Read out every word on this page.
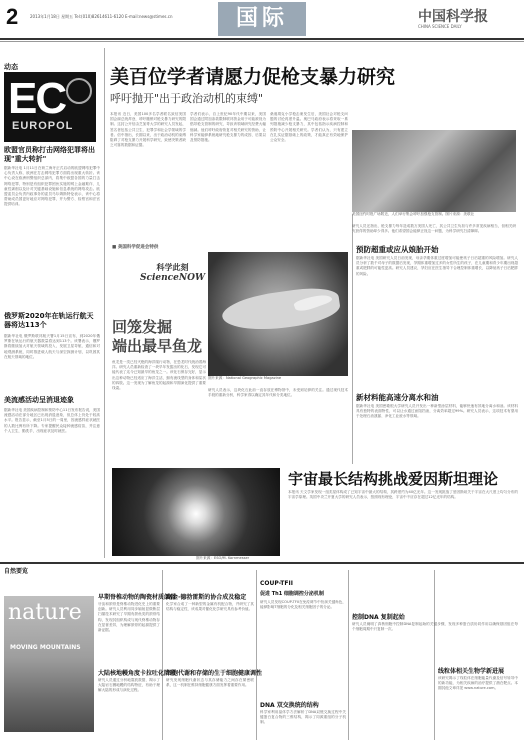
2	2013年1月18日 星期五 Tel:(010)82614611-6120 E-mail:news@stimes.cn	国际	中国科学报
CHINA SCIENCE DAILY
动态
EC
EUROPOL
欧盟官员称打击网络犯罪将出现"重大转折"
据新华社电 1月11日在荷兰海牙正式启动的欧盟网络犯罪中心负责人称，欧洲在打击网络犯罪方面将出现重大转折。该中心设在欧洲刑警组织总部内，将集中欧盟各国的力量打击网络犯罪，特别是有组织犯罪团伙实施的网上金融欺诈、儿童性剥削以及针对关键基础设施和信息系统的网络攻击。欧盟委员会负责内政事务的委员马尔姆斯特伦表示，该中心将帮助成员国更好地应对网络犯罪，并为警方、检察官和法官提供培训。
俄罗斯2020年在轨运行航天器将达113个
据新华社电 俄罗斯联邦航天署1月15日宣布，到2020年俄罗斯在轨运行的航天器数量将达到113个。该署表示，俄罗斯将继续加大对航天领域的投入，发展卫星导航、通信和对地观测系统，同时推进载人航天与深空探测计划，以巩固其在航天领域的地位。
美流感活动呈消退迹象
据新华社电 美国疾病控制和预防中心11日发布报告说，美国流感活动在部分地区已出现消退迹象，但总体上仍处于较高水平。报告显示，截至1月5日的一周里，因流感样症状就医的人数比例有所下降。专家提醒民众接种流感疫苗，并注意个人卫生，勤洗手，出现症状及时就医。
美百位学者请愿力促枪支暴力研究
呼吁抛开"出于政治动机的束缚"
本报讯 近日，美国100多名学者联名致信美国国会副总统拜登，呼吁撤销对枪支暴力研究的限制。这封公开信由芝加哥大学的研究人员发起，签名者包括公共卫生、犯罪学和社会学领域的学者。信中指出，长期以来，出于政治动机的束缚阻碍了对枪支暴力开展科学研究，致使决策者缺乏可靠的数据和证据。
学者们表示，自上世纪90年代中期以来，美国国会通过附加条款限制联邦资金用于可能被视为倡导枪支管制的研究，导致该领域研究经费大幅缩减。他们呼吁政府恢复对相关研究的资助，让科学家能够系统地研究枪支暴力的成因、后果以及预防措施。
桑迪胡克小学枪击案发生后，美国社会对枪支问题的讨论再度升温。奥巴马政府表示将采取一系列措施减少枪支暴力，其中包括指示疾病控制和预防中心开展相关研究。学者们认为，只有建立在扎实证据基础上的政策，才能真正有效地保护公众安全。
美国纽约时报广场附近，人们举行集会呼吁加强枪支管制。图片来源：美联社
研究人员还指出，枪支暴力每年造成数万美国人死亡，其公共卫生负担与许多常见疾病相当，但相关研究获得的资助却少得多。他们希望国会能够正视这一问题，为科学研究扫清障碍。
■ 美国科学促进会特供
科学此刻
ScienceNOW
回笼发掘
端出最早鱼龙
图片来源：National Geographic Magazine
鱼龙是一类已经灭绝的海洋爬行动物，在恐龙时代统治着海洋。研究人员重新检查了一块早年发掘出的化石，发现它可能代表了迄今已知最早的鱼龙之一。该化石保存完好，显示出这种动物已经适应了海洋生活，拥有流线型的身体和桨状的四肢。这一发现为了解鱼龙的起源和早期演化提供了重要线索。	研究人员表示，这块化石此前一直存放在博物馆中，未受到足够的关注。通过现代技术手段的重新分析，科学家得以确定其年代和分类地位。
预防超重或应从娘胎开始
据新华社电 美国研究人员日前发现，母亲孕期体重过度增加可能使孩子日后超重的风险增加。研究人员分析了数千对母子的数据后发现，孕期体重增加过多的女性所生的孩子，在儿童期和青少年期出现超重或肥胖的可能性更高。研究人员建议，孕妇应在医生指导下合理控制体重增长，以降低孩子日后肥胖的风险。
新材料能高速分离水和油
据新华社电 美国密歇根大学研究人员开发出一种新型涂层材料，能够快速有效地分离水和油。该材料具有独特的表面特性，可以让水通过而阻挡油，分离效率超过99%。研究人员表示，这项技术有望用于处理石油泄漏、净化工业废水等领域。
图片来源：ESO/M. Kornmesser
宇宙最长结构挑战爱因斯坦理论
本报讯 天文学家发现一组类星体构成了已知宇宙中最大的结构，其跨度约为40亿光年。这一发现挑战了爱因斯坦关于宇宙在大尺度上均匀分布的宇宙学原理。英国中央兰开夏大学的研究人员表示，按照现有理论，宇宙中不应存在超过12亿光年的结构。
自然要览
nature
MOVING MOUNTAINS
早期脊椎动物的陶瓷材质颌骨
牙齿和颌骨是脊椎动物进化史上的重要创新。研究人员利用同步辐射显微断层扫描技术研究了早期有颌鱼类的颌骨结构，发现其组织构成与现代脊椎动物存在显著差异，为理解颌骨的起源提供了新证据。
大陆核地幔角度卡拉吐化阶段
研究人员通过分析地震波数据，揭示了大陆岩石圈地幔的结构特征，有助于理解大陆的形成与演化过程。
高金·德勃雷斯的协合成及稳定
化学家合成了一种新型的金属有机配合物，并研究了其结构与稳定性，该成果对催化化学研究具有参考价值。
细胞代谢和存储的生于细胞健康调性
研究发现细胞代谢状态与其存储能力之间存在紧密联系，这一机制在维持细胞健康方面发挥着重要作用。
COUP-TFII
促进 Th1 细胞调控分泌机制
研究人员发现COUP-TFII在免疫调节中扮演关键角色，能够影响T细胞的分化及相关细胞因子的分泌。
DNA 双交换统的结构
科学家利用晶体学方法解析了DNA双链交换过程中关键蛋白复合物的三维结构，揭示了同源重组的分子机制。
控制DNA 复制起始
研究人员阐明了真核细胞中控制DNA复制起始的关键步骤，发现多种蛋白质协同作用以确保基因组在每个细胞周期中只复制一次。
线粒体相关生物学新进展
该研究揭示了线粒体在细胞能量代谢及信号转导中的新功能，为相关疾病的治疗提供了潜在靶点。本期其他文章详见 www.nature.com。
